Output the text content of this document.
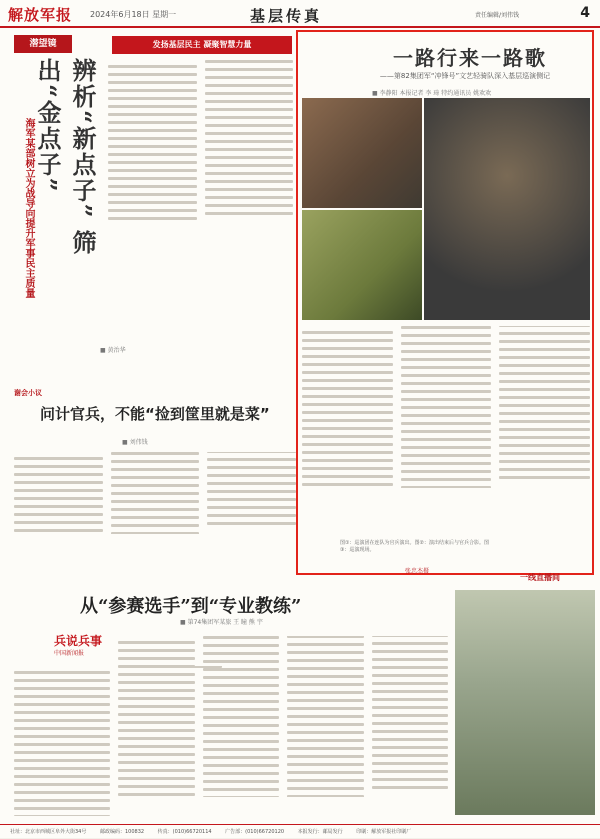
解放军报 2024年6月18日 星期一	基层传真	责任编辑/刘伟钱	4
潜望镜	发扬基层民主 凝聚智慧力量
辨析“新点子” 筛出“金点子”
海军某部树立为战导向提升军事民主质量
■ 黄治华
谢会小议
问计官兵，不能“捡到筐里就是菜”
■ 刘伟钱
一路行来一路歌
——第82集团军“冲锋号”文艺轻骑队深入基层巡演侧记
■ 李静阳 本报记者 李 琦 特约通讯员 姚欢欢
图①：巡演团在连队为官兵演出。图②：演出结束后与官兵合影。图③：巡演现场。
张忠杰摄
一线直播间
从“参赛选手”到“专业教练”
■ 第74集团军某旅 王 瞳 熊 宇
兵说兵事
中国新闻报
社址：北京市西城区阜外大街34号	邮政编码：100832	传真：(010)66720114	广告部：(010)66720120	本报发行：邮局发行	印刷：解放军报社印刷厂
